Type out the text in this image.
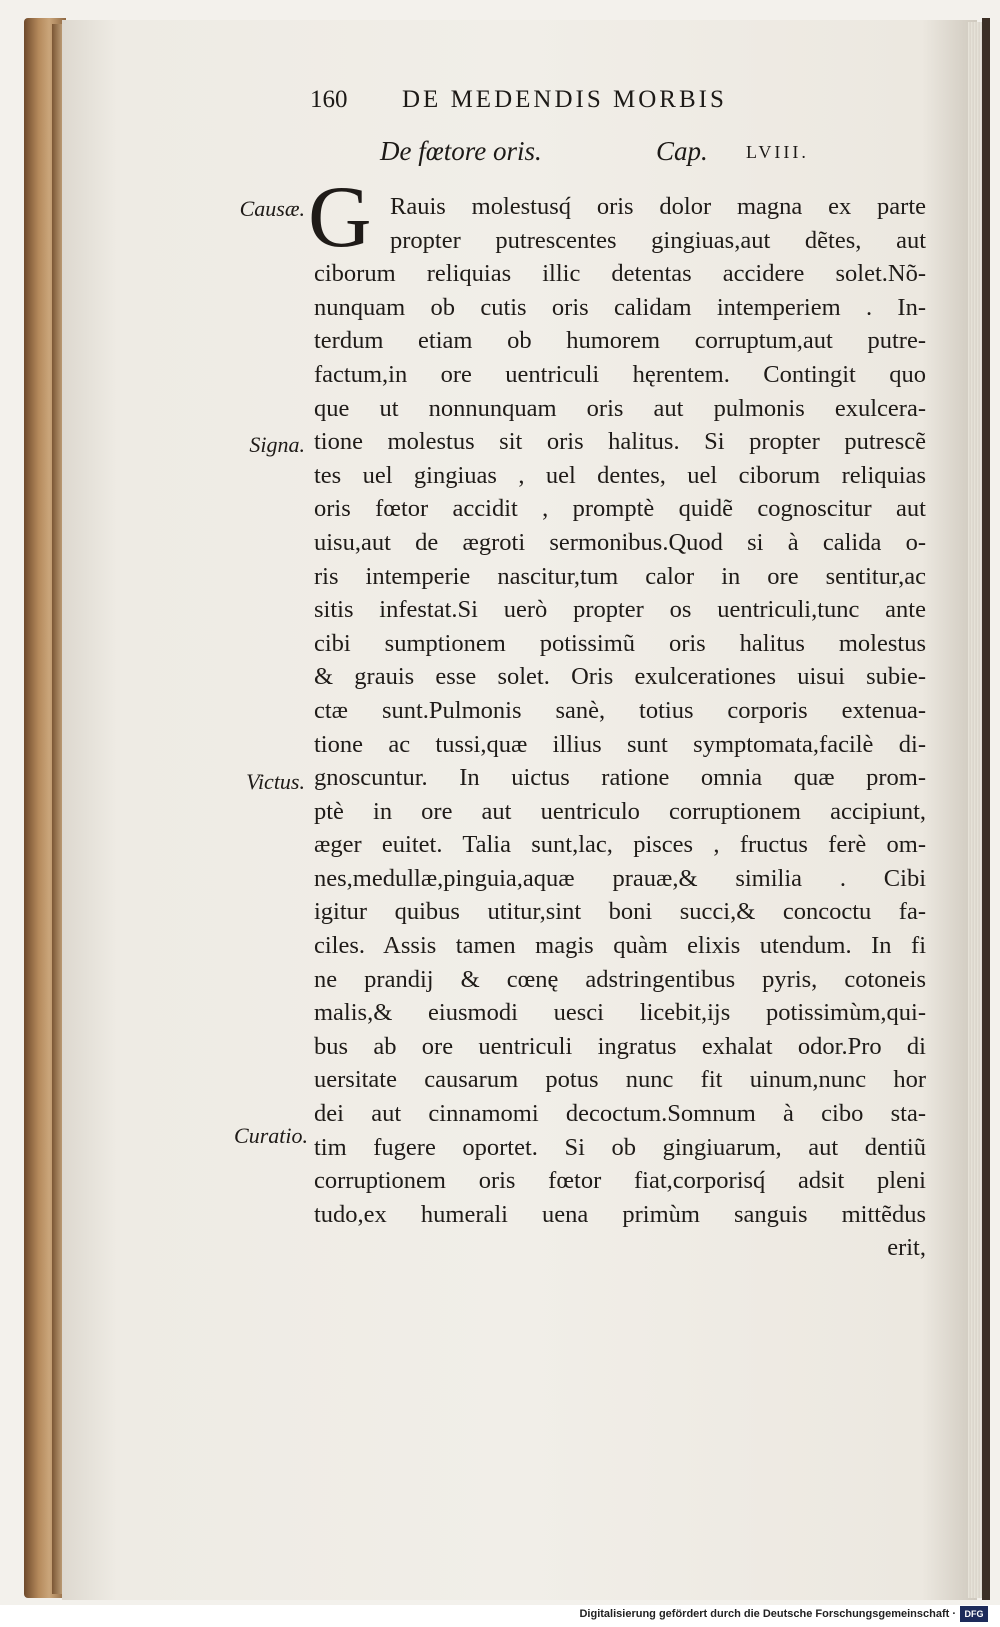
160 DE MEDENDIS MORBIS
De fœtore oris.	Cap. LVIII.
Causæ.
Signa.
Victus.
Curatio.
G Rauis molestusq́ oris dolor magna ex parte
propter putrescentes gingiuas,aut dẽtes, aut
ciborum reliquias illic detentas accidere solet.Nõ-
nunquam ob cutis oris calidam intemperiem . In-
terdum etiam ob humorem corruptum,aut putre-
factum,in ore uentriculi hęrentem. Contingit quo
que ut nonnunquam oris aut pulmonis exulcera-
tione molestus sit oris halitus. Si propter putrescẽ
tes uel gingiuas , uel dentes, uel ciborum reliquias
oris fœtor accidit , promptè quidẽ cognoscitur aut
uisu,aut de ægroti sermonibus.Quod si à calida o-
ris intemperie nascitur,tum calor in ore sentitur,ac
sitis infestat.Si uerò propter os uentriculi,tunc ante
cibi sumptionem potissimũ oris halitus molestus
& grauis esse solet. Oris exulcerationes uisui subie-
ctæ sunt.Pulmonis sanè, totius corporis extenua-
tione ac tussi,quæ illius sunt symptomata,facilè di-
gnoscuntur. In uictus ratione omnia quæ prom-
ptè in ore aut uentriculo corruptionem accipiunt,
æger euitet. Talia sunt,lac, pisces , fructus ferè om-
nes,medullæ,pinguia,aquæ prauæ,& similia . Cibi
igitur quibus utitur,sint boni succi,& concoctu fa-
ciles. Assis tamen magis quàm elixis utendum. In fi
ne prandij & cœnę adstringentibus pyris, cotoneis
malis,& eiusmodi uesci licebit,ijs potissimùm,qui-
bus ab ore uentriculi ingratus exhalat odor.Pro di
uersitate causarum potus nunc fit uinum,nunc hor
dei aut cinnamomi decoctum.Somnum à cibo sta-
tim fugere oportet. Si ob gingiuarum, aut dentiũ
corruptionem oris fœtor fiat,corporisq́ adsit pleni
tudo,ex humerali uena primùm sanguis mittẽdus
erit,
Digitalisierung gefördert durch die Deutsche Forschungsgemeinschaft · DFG
